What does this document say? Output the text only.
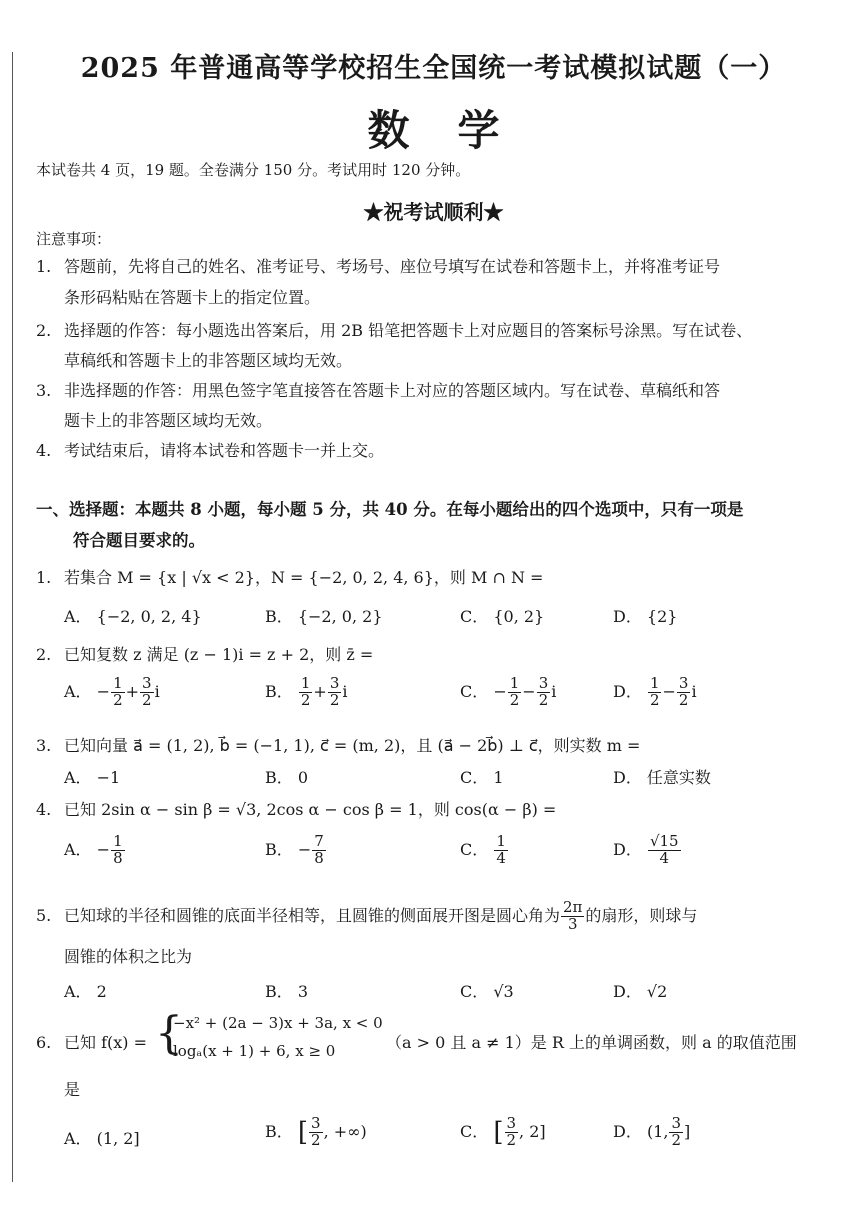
2025 年普通高等学校招生全国统一考试模拟试题（一）
数学
本试卷共 4 页，19 题。全卷满分 150 分。考试用时 120 分钟。
★祝考试顺利★
注意事项：
1. 答题前，先将自己的姓名、准考证号、考场号、座位号填写在试卷和答题卡上，并将准考证号
条形码粘贴在答题卡上的指定位置。
2. 选择题的作答：每小题选出答案后，用 2B 铅笔把答题卡上对应题目的答案标号涂黑。写在试卷、
草稿纸和答题卡上的非答题区域均无效。
3. 非选择题的作答：用黑色签字笔直接答在答题卡上对应的答题区域内。写在试卷、草稿纸和答
题卡上的非答题区域均无效。
4. 考试结束后，请将本试卷和答题卡一并上交。
一、选择题：本题共 8 小题，每小题 5 分，共 40 分。在每小题给出的四个选项中，只有一项是
符合题目要求的。
1. 若集合 M = {x | √x < 2}，N = {−2, 0, 2, 4, 6}，则 M ∩ N =
A． {−2, 0, 2, 4}	B． {−2, 0, 2}	C． {0, 2}	D． {2}
2. 已知复数 z 满足 (z − 1)i = z + 2，则 z̄ =
A． − $\frac{1}{2} + \frac{3}{2}$ i	B． $\frac{1}{2} + \frac{3}{2}$ i	C． − $\frac{1}{2} - \frac{3}{2}$ i	D． $\frac{1}{2} - \frac{3}{2}$ i
3. 已知向量 a⃗ = (1, 2), b⃗ = (−1, 1), c⃗ = (m, 2)，且 (a⃗ − 2b⃗) ⊥ c⃗，则实数 m =
A． −1	B． 0	C． 1	D． 任意实数
4. 已知 2sin α − sin β = √3, 2cos α − cos β = 1，则 cos(α − β) =
A． − $\frac{1}{8}$	B． − $\frac{7}{8}$	C． $\frac{1}{4}$	D． $\frac{√15}{4}$
5. 已知球的半径和圆锥的底面半径相等，且圆锥的侧面展开图是圆心角为 $\frac{2\pi}{3}$ 的扇形，则球与
圆锥的体积之比为
A． 2	B． 3	C． √3	D． √2
6. 已知 f(x) = {
−x² + (2a − 3)x + 3a, x < 0
logₐ(x + 1) + 6, x ≥ 0	（a > 0 且 a ≠ 1）是 R 上的单调函数，则 a 的取值范围
是
A． (1, 2]	B． [ $\frac{3}{2}$ , +∞)	C． [ $\frac{3}{2}$ , 2]	D． (1, $\frac{3}{2}$ ]
